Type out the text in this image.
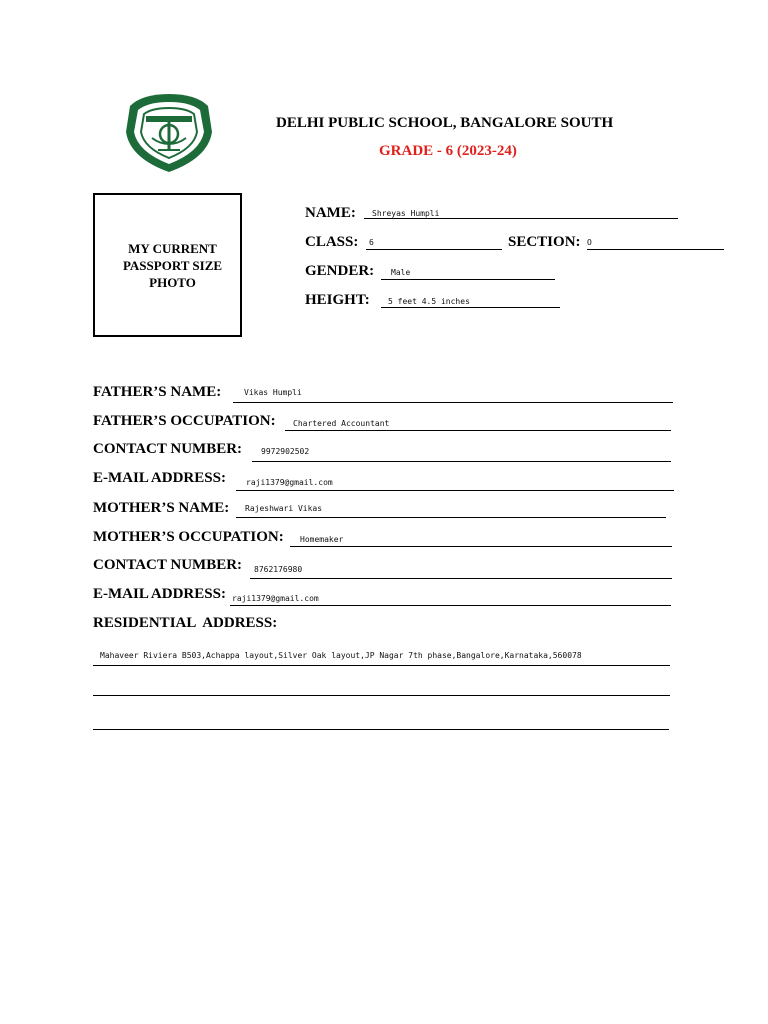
DELHI PUBLIC SCHOOL, BANGALORE SOUTH
GRADE - 6 (2023-24)
MY CURRENT
PASSPORT SIZE
PHOTO
NAME: Shreyas Humpli
CLASS: 6	SECTION: O
GENDER: Male
HEIGHT: 5 feet 4.5 inches
FATHER’S NAME:	Vikas Humpli
FATHER’S OCCUPATION: Chartered Accountant
CONTACT NUMBER: 9972902502
E-MAIL ADDRESS:	raji1379@gmail.com
MOTHER’S NAME: Rajeshwari Vikas
MOTHER’S OCCUPATION: Homemaker
CONTACT NUMBER: 8762176980
E-MAIL ADDRESS: raji1379@gmail.com
RESIDENTIAL  ADDRESS:
Mahaveer Riviera B503,Achappa layout,Silver Oak layout,JP Nagar 7th phase,Bangalore,Karnataka,560078
